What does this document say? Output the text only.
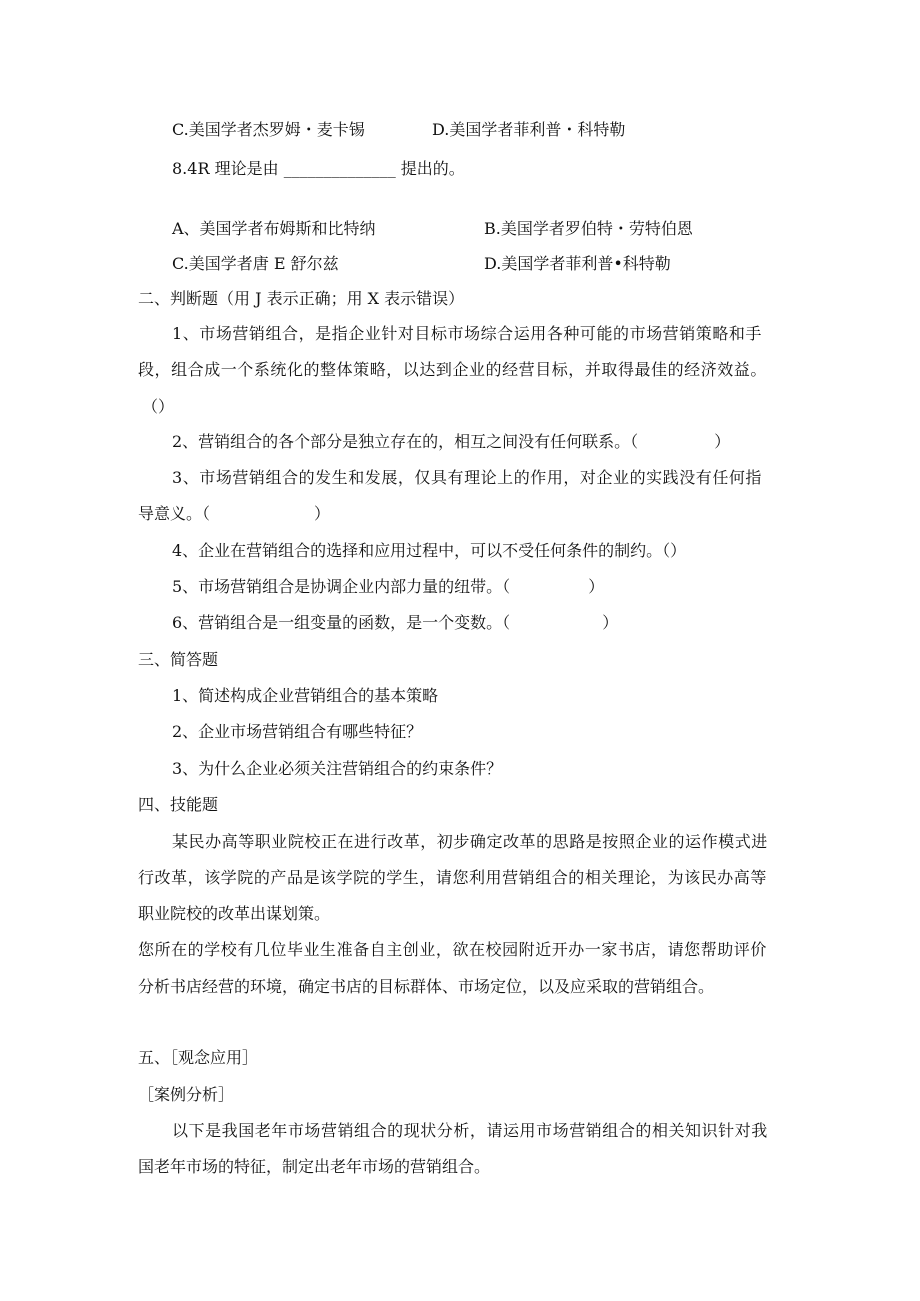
C.美国学者杰罗姆・麦卡锡	D.美国学者菲利普・科特勒
8.4R 理论是由 ______________ 提出的。
A、美国学者布姆斯和比特纳	B.美国学者罗伯特・劳特伯恩
C.美国学者唐 E 舒尔兹	D.美国学者菲利普•科特勒
二、判断题（用 J 表示正确；用 X 表示错误）
1、市场营销组合，是指企业针对目标市场综合运用各种可能的市场营销策略和手
段，组合成一个系统化的整体策略，以达到企业的经营目标，并取得最佳的经济效益。
（）
2、营销组合的各个部分是独立存在的，相互之间没有任何联系。（	）
3、市场营销组合的发生和发展，仅具有理论上的作用，对企业的实践没有任何指
导意义。（	）
4、企业在营销组合的选择和应用过程中，可以不受任何条件的制约。（）
5、市场营销组合是协调企业内部力量的纽带。（	）
6、营销组合是一组变量的函数，是一个变数。（	）
三、简答题
1、简述构成企业营销组合的基本策略
2、企业市场营销组合有哪些特征？
3、为什么企业必须关注营销组合的约束条件？
四、技能题
某民办高等职业院校正在进行改革，初步确定改革的思路是按照企业的运作模式进
行改革，该学院的产品是该学院的学生，请您利用营销组合的相关理论，为该民办高等
职业院校的改革出谋划策。
您所在的学校有几位毕业生准备自主创业，欲在校园附近开办一家书店，请您帮助评价
分析书店经营的环境，确定书店的目标群体、市场定位，以及应采取的营销组合。
五、［观念应用］
［案例分析］
以下是我国老年市场营销组合的现状分析，请运用市场营销组合的相关知识针对我
国老年市场的特征，制定出老年市场的营销组合。
